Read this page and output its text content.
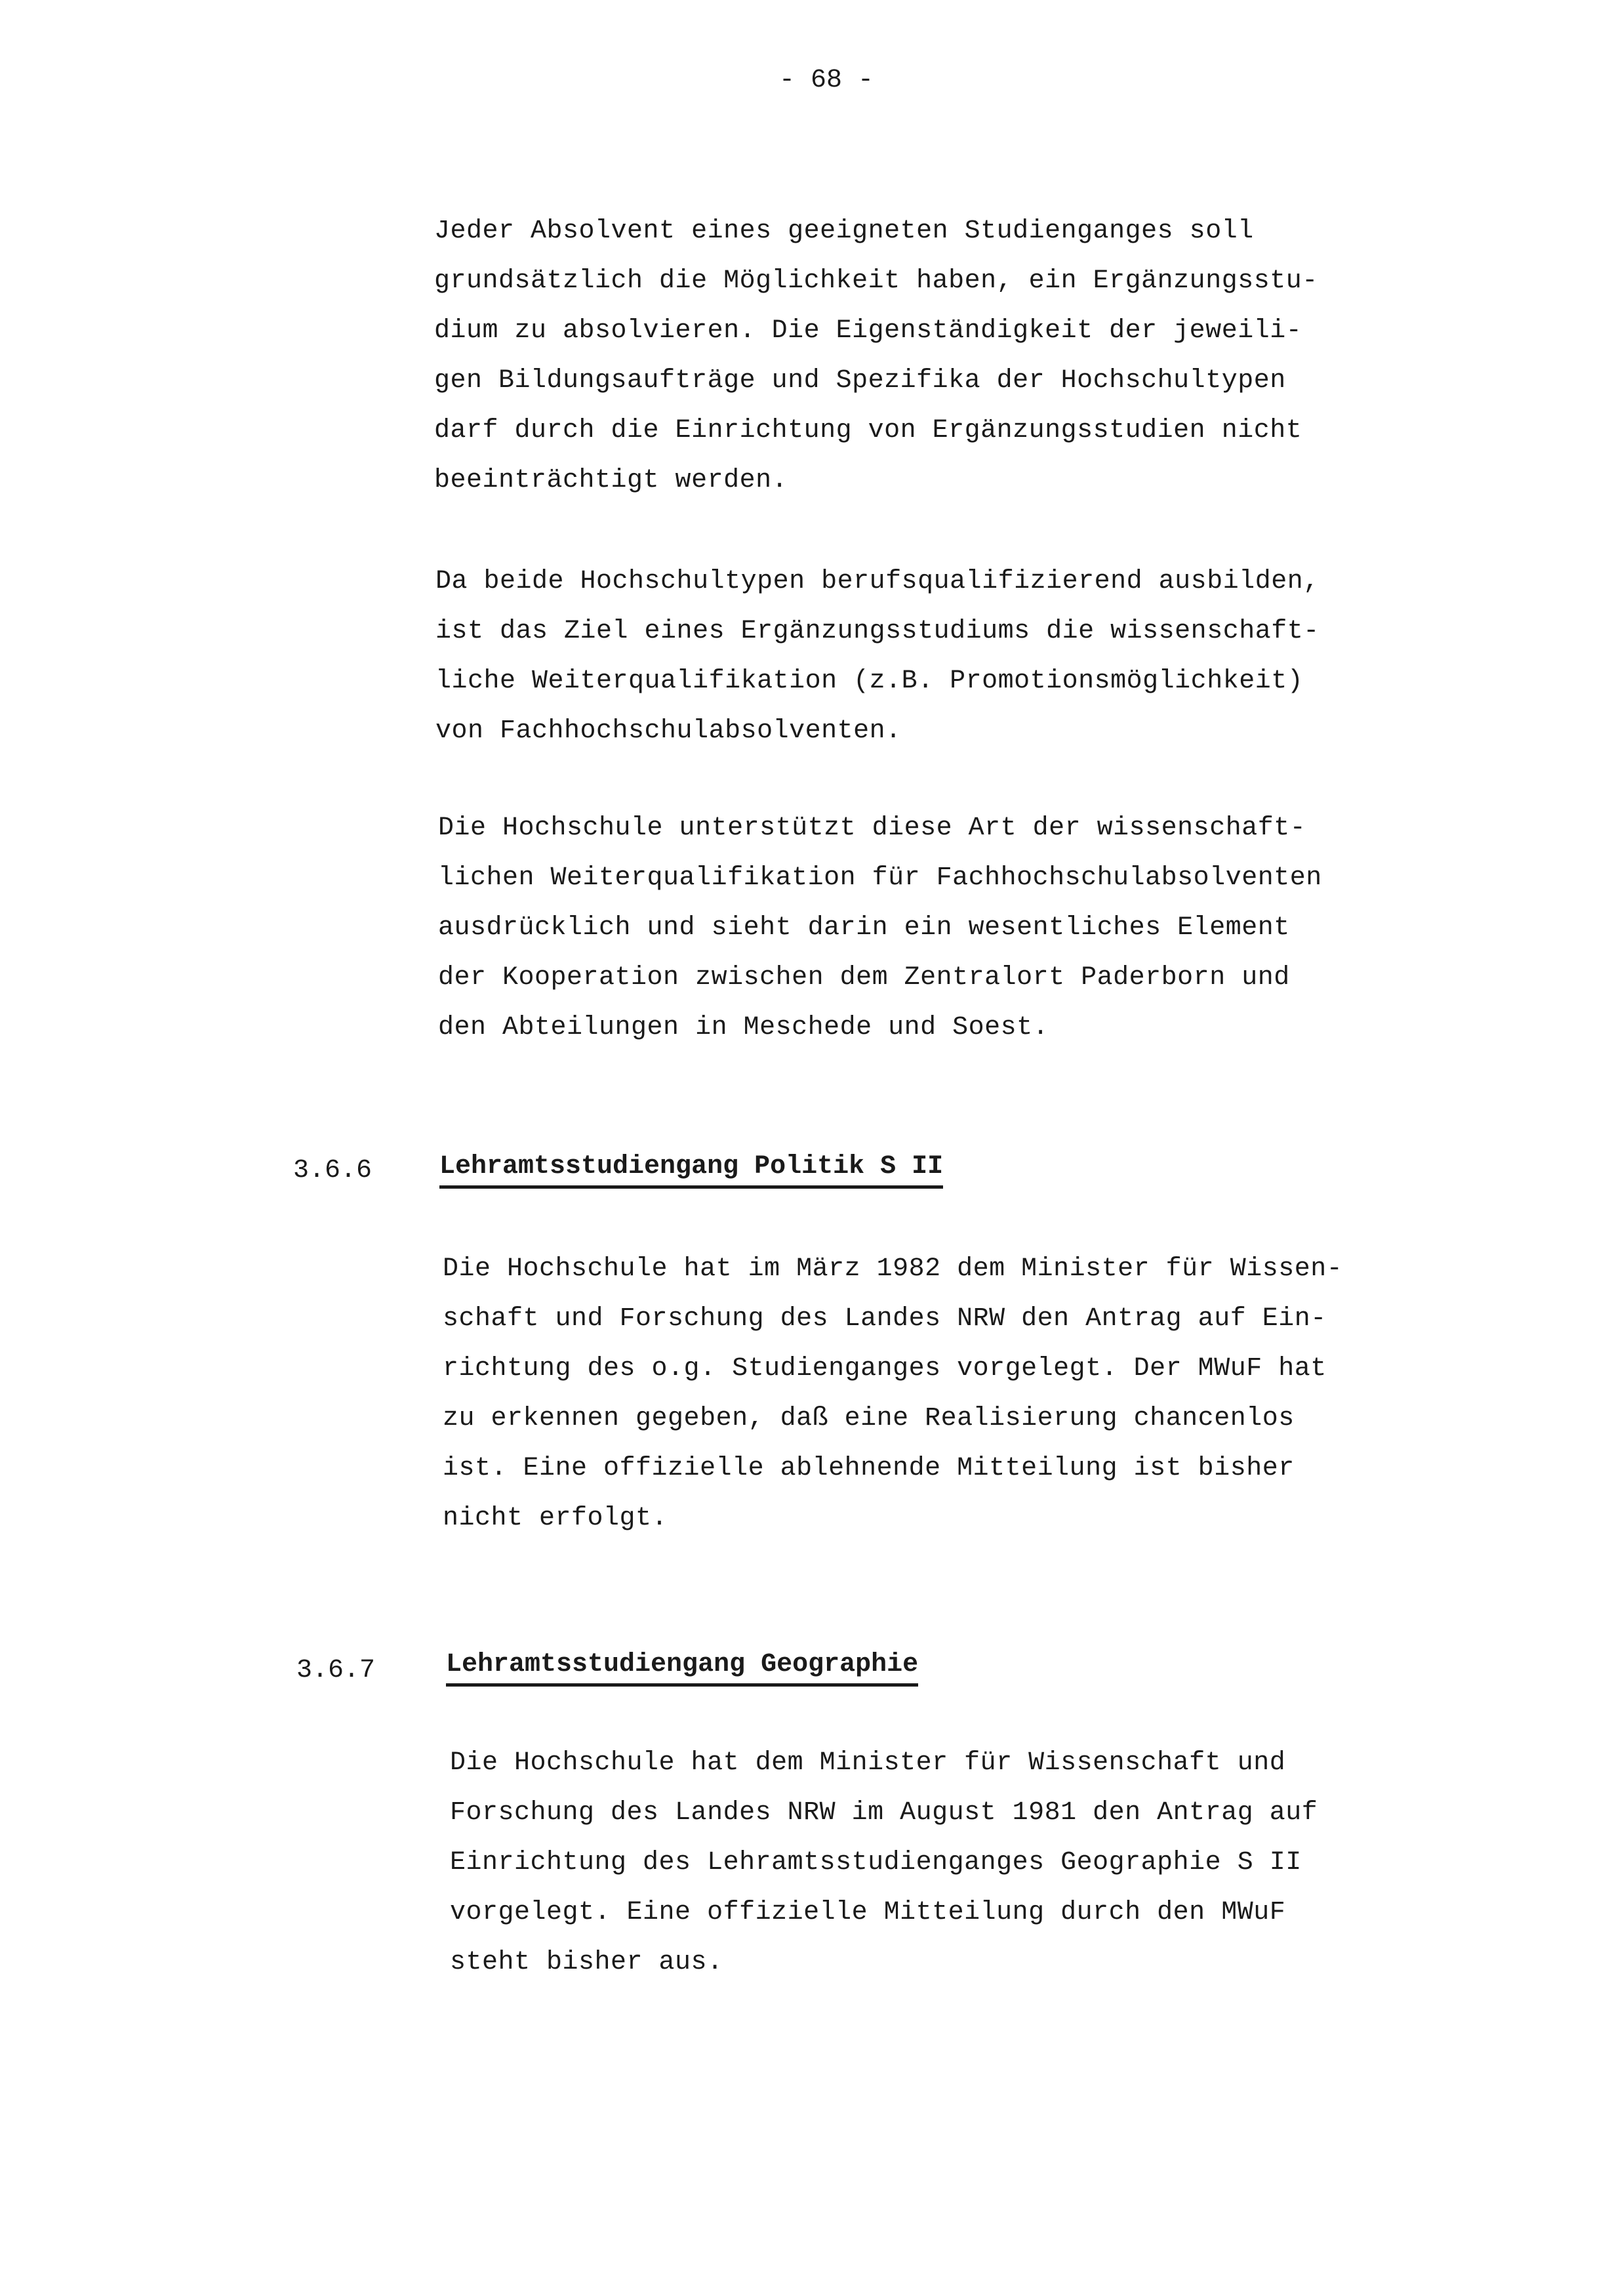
- 68 -
Jeder Absolvent eines geeigneten Studienganges soll
grundsätzlich die Möglichkeit haben, ein Ergänzungsstu-
dium zu absolvieren. Die Eigenständigkeit der jeweili-
gen Bildungsaufträge und Spezifika der Hochschultypen
darf durch die Einrichtung von Ergänzungsstudien nicht
beeinträchtigt werden.
Da beide Hochschultypen berufsqualifizierend ausbilden,
ist das Ziel eines Ergänzungsstudiums die wissenschaft-
liche Weiterqualifikation (z.B. Promotionsmöglichkeit)
von Fachhochschulabsolventen.
Die Hochschule unterstützt diese Art der wissenschaft-
lichen Weiterqualifikation für Fachhochschulabsolventen
ausdrücklich und sieht darin ein wesentliches Element
der Kooperation zwischen dem Zentralort Paderborn und
den Abteilungen in Meschede und Soest.
3.6.6	Lehramtsstudiengang Politik S II
Die Hochschule hat im März 1982 dem Minister für Wissen-
schaft und Forschung des Landes NRW den Antrag auf Ein-
richtung des o.g. Studienganges vorgelegt. Der MWuF hat
zu erkennen gegeben, daß eine Realisierung chancenlos
ist. Eine offizielle ablehnende Mitteilung ist bisher
nicht erfolgt.
3.6.7	Lehramtsstudiengang Geographie
Die Hochschule hat dem Minister für Wissenschaft und
Forschung des Landes NRW im August 1981 den Antrag auf
Einrichtung des Lehramtsstudienganges Geographie S II
vorgelegt. Eine offizielle Mitteilung durch den MWuF
steht bisher aus.
